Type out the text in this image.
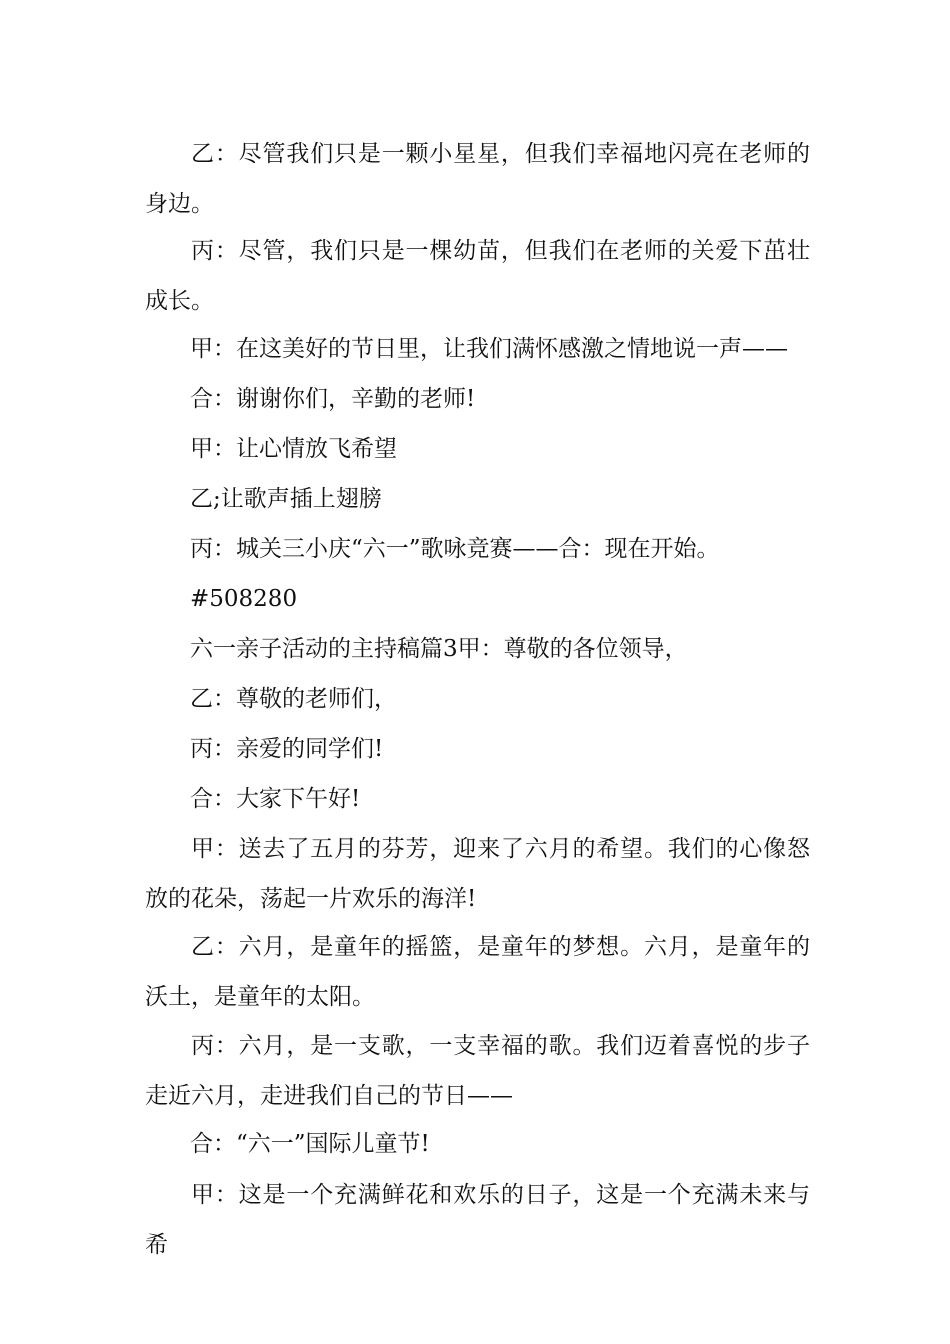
乙：尽管我们只是一颗小星星，但我们幸福地闪亮在老师的身边。

丙：尽管，我们只是一棵幼苗，但我们在老师的关爱下茁壮成长。

甲：在这美好的节日里，让我们满怀感激之情地说一声——

合：谢谢你们，辛勤的老师!

甲：让心情放飞希望

乙;让歌声插上翅膀

丙：城关三小庆“六一”歌咏竞赛——合：现在开始。

#508280

六一亲子活动的主持稿篇3甲：尊敬的各位领导，

乙：尊敬的老师们，

丙：亲爱的同学们!

合：大家下午好!

甲：送去了五月的芬芳，迎来了六月的希望。我们的心像怒放的花朵，荡起一片欢乐的海洋!

乙：六月，是童年的摇篮，是童年的梦想。六月，是童年的沃土，是童年的太阳。

丙：六月，是一支歌，一支幸福的歌。我们迈着喜悦的步子走近六月，走进我们自己的节日——

合：“六一”国际儿童节!

甲：这是一个充满鲜花和欢乐的日子，这是一个充满未来与希
